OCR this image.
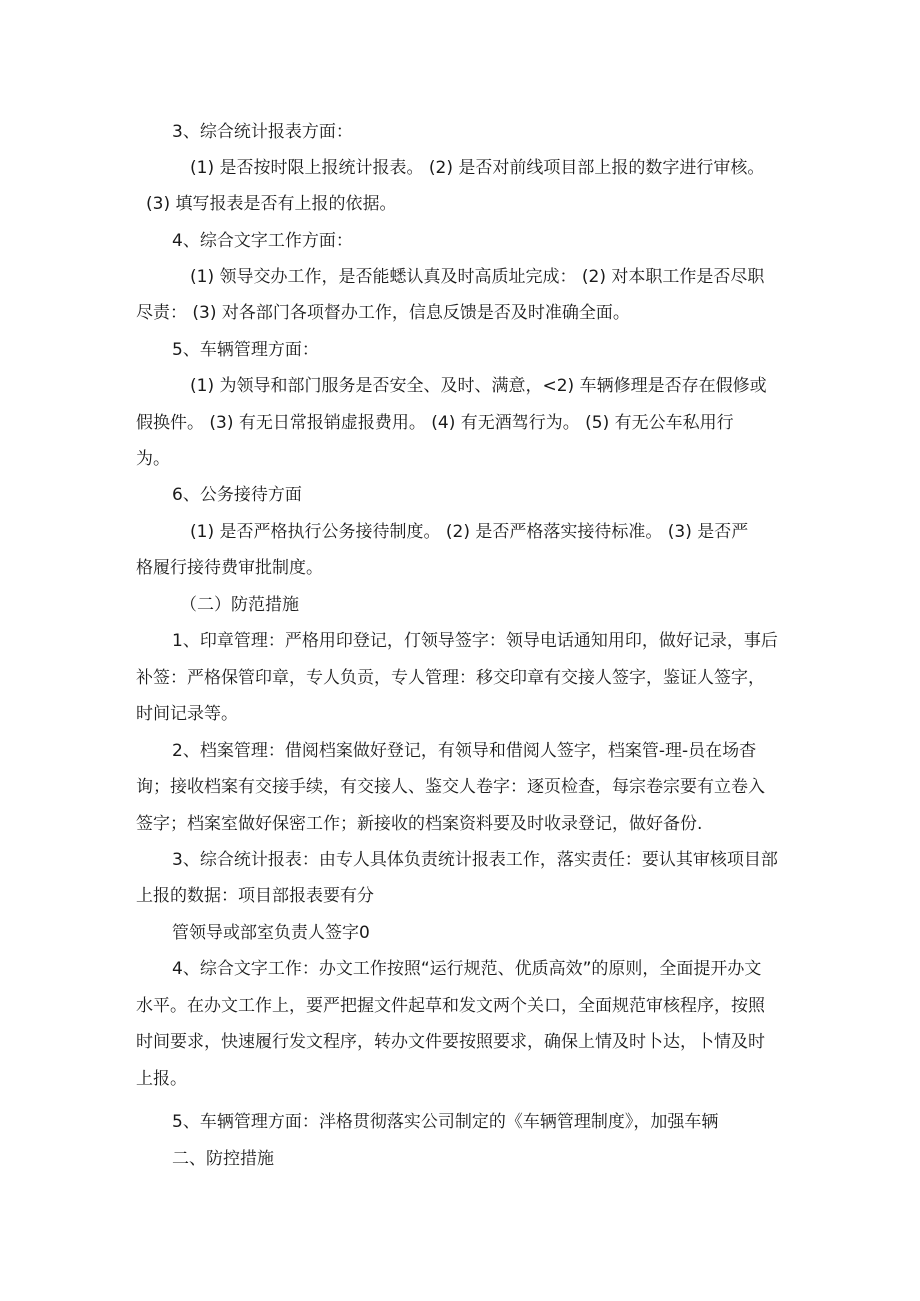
3、综合统计报表方面：
(1) 是否按时限上报统计报表。 (2) 是否对前线项目部上报的数字进行审核。
(3) 填写报表是否有上报的依据。
4、综合文字工作方面：
(1) 领导交办工作，是否能蟋认真及时高质址完成： (2) 对本职工作是否尽职
尽责： (3) 对各部门各项督办工作，信息反馈是否及时准确全面。
5、车辆管理方面：
(1) 为领导和部门服务是否安全、及时、满意，<2) 车辆修理是否存在假修或
假换件。 (3) 有无日常报销虚报费用。 (4) 有无酒驾行为。 (5) 有无公车私用行
为。
6、公务接待方面
(1) 是否严格执行公务接待制度。 (2) 是否严格落实接待标准。 (3) 是否严
格履行接待费审批制度。
（二）防范措施
1、印章管理：严格用印登记，仃领导签字：领导电话通知用印，做好记录，事后
补签：严格保管印章，专人负贡，专人管理：移交印章有交接人签字，鉴证人签字，
时间记录等。
2、档案管理：借阅档案做好登记，有领导和借阅人签字，档案管-理-员在场杳
询；接收档案有交接手续，有交接人、鉴交人卷字：逐页检查，每宗卷宗要有立卷入
签字；档案室做好保密工作；新接收的档案资料要及时收录登记，做好备份.
3、综合统计报表：由专人具体负责统计报表工作，落实责任：要认其审核项目部
上报的数据：项目部报表要有分
管领导或部室负责人签字0
4、综合文字工作：办文工作按照“运行规范、优质高效”的原则，全面提开办文
水平。在办文工作上，要严把握文件起草和发文两个关口，全面规范审核程序，按照
时间要求，快速履行发文程序，转办文件要按照要求，确保上情及时卜达，卜情及时
上报。
5、车辆管理方面：泮格贯彻落实公司制定的《车辆管理制度》，加强车辆
二、防控措施
